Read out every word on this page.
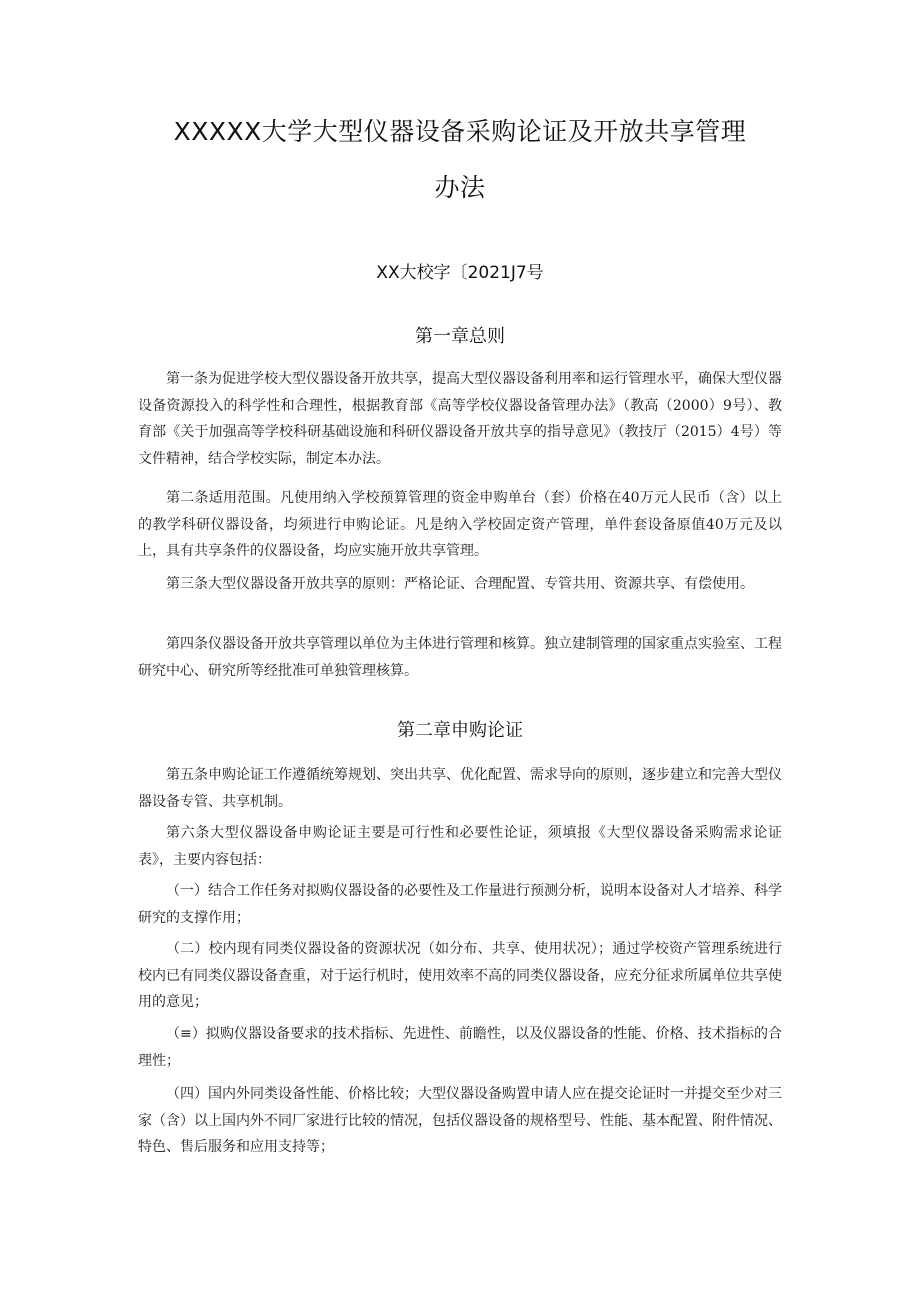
XXXXX大学大型仪器设备采购论证及开放共享管理
办法
XX大校字〔2021J7号
第一章总则

第一条为促进学校大型仪器设备开放共享，提高大型仪器设备利用率和运行管理水平，确保大型仪器设备资源投入的科学性和合理性，根据教育部《高等学校仪器设备管理办法》（教高（2000）9号）、教育部《关于加强高等学校科研基础设施和科研仪器设备开放共享的指导意见》（教技厅（2015）4号）等文件精神，结合学校实际，制定本办法。

第二条适用范围。凡使用纳入学校预算管理的资金申购单台（套）价格在40万元人民币（含）以上的教学科研仪器设备，均须进行申购论证。凡是纳入学校固定资产管理，单件套设备原值40万元及以上，具有共享条件的仪器设备，均应实施开放共享管理。

第三条大型仪器设备开放共享的原则：严格论证、合理配置、专管共用、资源共享、有偿使用。

第四条仪器设备开放共享管理以单位为主体进行管理和核算。独立建制管理的国家重点实验室、工程研究中心、研究所等经批准可单独管理核算。

第二章申购论证

第五条申购论证工作遵循统筹规划、突出共享、优化配置、需求导向的原则，逐步建立和完善大型仪器设备专管、共享机制。

第六条大型仪器设备申购论证主要是可行性和必要性论证，须填报《大型仪器设备采购需求论证表》，主要内容包括：

（一）结合工作任务对拟购仪器设备的必要性及工作量进行预测分析，说明本设备对人才培养、科学研究的支撑作用；

（二）校内现有同类仪器设备的资源状况（如分布、共享、使用状况）；通过学校资产管理系统进行校内已有同类仪器设备查重，对于运行机时，使用效率不高的同类仪器设备，应充分征求所属单位共享使用的意见；

（≡）拟购仪器设备要求的技术指标、先进性、前瞻性，以及仪器设备的性能、价格、技术指标的合理性；

（四）国内外同类设备性能、价格比较；大型仪器设备购置申请人应在提交论证时一并提交至少对三家（含）以上国内外不同厂家进行比较的情况，包括仪器设备的规格型号、性能、基本配置、附件情况、特色、售后服务和应用支持等；
